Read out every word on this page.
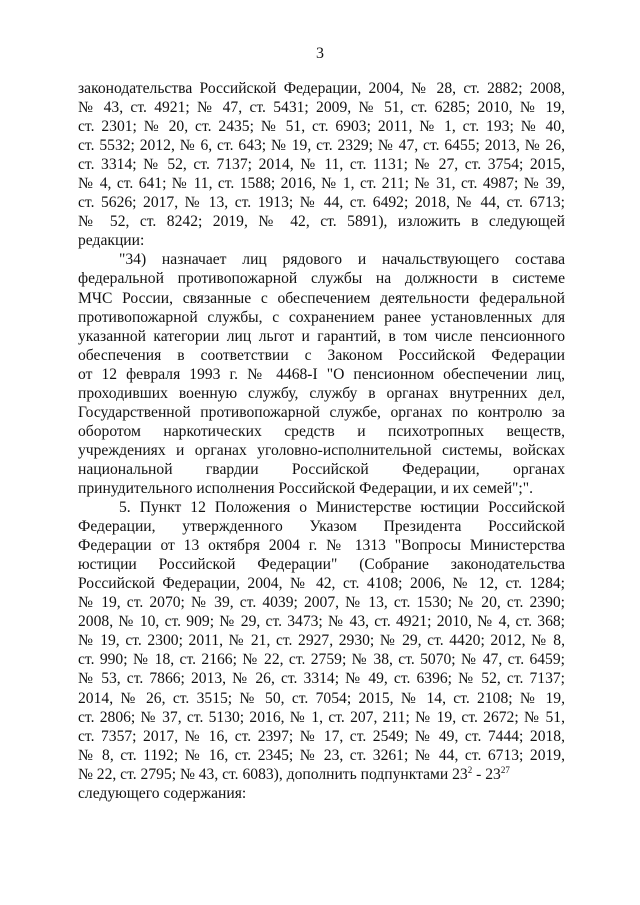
3
законодательства Российской Федерации, 2004, № 28, ст. 2882; 2008,
№ 43, ст. 4921; № 47, ст. 5431; 2009, № 51, ст. 6285; 2010, № 19,
ст. 2301; № 20, ст. 2435; № 51, ст. 6903; 2011, № 1, ст. 193; № 40,
ст. 5532; 2012, № 6, ст. 643; № 19, ст. 2329; № 47, ст. 6455; 2013, № 26,
ст. 3314; № 52, ст. 7137; 2014, № 11, ст. 1131; № 27, ст. 3754; 2015,
№ 4, ст. 641; № 11, ст. 1588; 2016, № 1, ст. 211; № 31, ст. 4987; № 39,
ст. 5626; 2017, № 13, ст. 1913; № 44, ст. 6492; 2018, № 44, ст. 6713;
№ 52, ст. 8242; 2019, № 42, ст. 5891), изложить в следующей
редакции:
"34) назначает лиц рядового и начальствующего состава
федеральной противопожарной службы на должности в системе
МЧС России, связанные с обеспечением деятельности федеральной
противопожарной службы, с сохранением ранее установленных для
указанной категории лиц льгот и гарантий, в том числе пенсионного
обеспечения в соответствии с Законом Российской Федерации
от 12 февраля 1993 г. № 4468-I "О пенсионном обеспечении лиц,
проходивших военную службу, службу в органах внутренних дел,
Государственной противопожарной службе, органах по контролю за
оборотом наркотических средств и психотропных веществ,
учреждениях и органах уголовно-исполнительной системы, войсках
национальной гвардии Российской Федерации, органах
принудительного исполнения Российской Федерации, и их семей";".
5. Пункт 12 Положения о Министерстве юстиции Российской
Федерации, утвержденного Указом Президента Российской
Федерации от 13 октября 2004 г. № 1313 "Вопросы Министерства
юстиции Российской Федерации" (Собрание законодательства
Российской Федерации, 2004, № 42, ст. 4108; 2006, № 12, ст. 1284;
№ 19, ст. 2070; № 39, ст. 4039; 2007, № 13, ст. 1530; № 20, ст. 2390;
2008, № 10, ст. 909; № 29, ст. 3473; № 43, ст. 4921; 2010, № 4, ст. 368;
№ 19, ст. 2300; 2011, № 21, ст. 2927, 2930; № 29, ст. 4420; 2012, № 8,
ст. 990; № 18, ст. 2166; № 22, ст. 2759; № 38, ст. 5070; № 47, ст. 6459;
№ 53, ст. 7866; 2013, № 26, ст. 3314; № 49, ст. 6396; № 52, ст. 7137;
2014, № 26, ст. 3515; № 50, ст. 7054; 2015, № 14, ст. 2108; № 19,
ст. 2806; № 37, ст. 5130; 2016, № 1, ст. 207, 211; № 19, ст. 2672; № 51,
ст. 7357; 2017, № 16, ст. 2397; № 17, ст. 2549; № 49, ст. 7444; 2018,
№ 8, ст. 1192; № 16, ст. 2345; № 23, ст. 3261; № 44, ст. 6713; 2019,
№ 22, ст. 2795; № 43, ст. 6083), дополнить подпунктами $23^2 - 23^{27}$
следующего содержания:
